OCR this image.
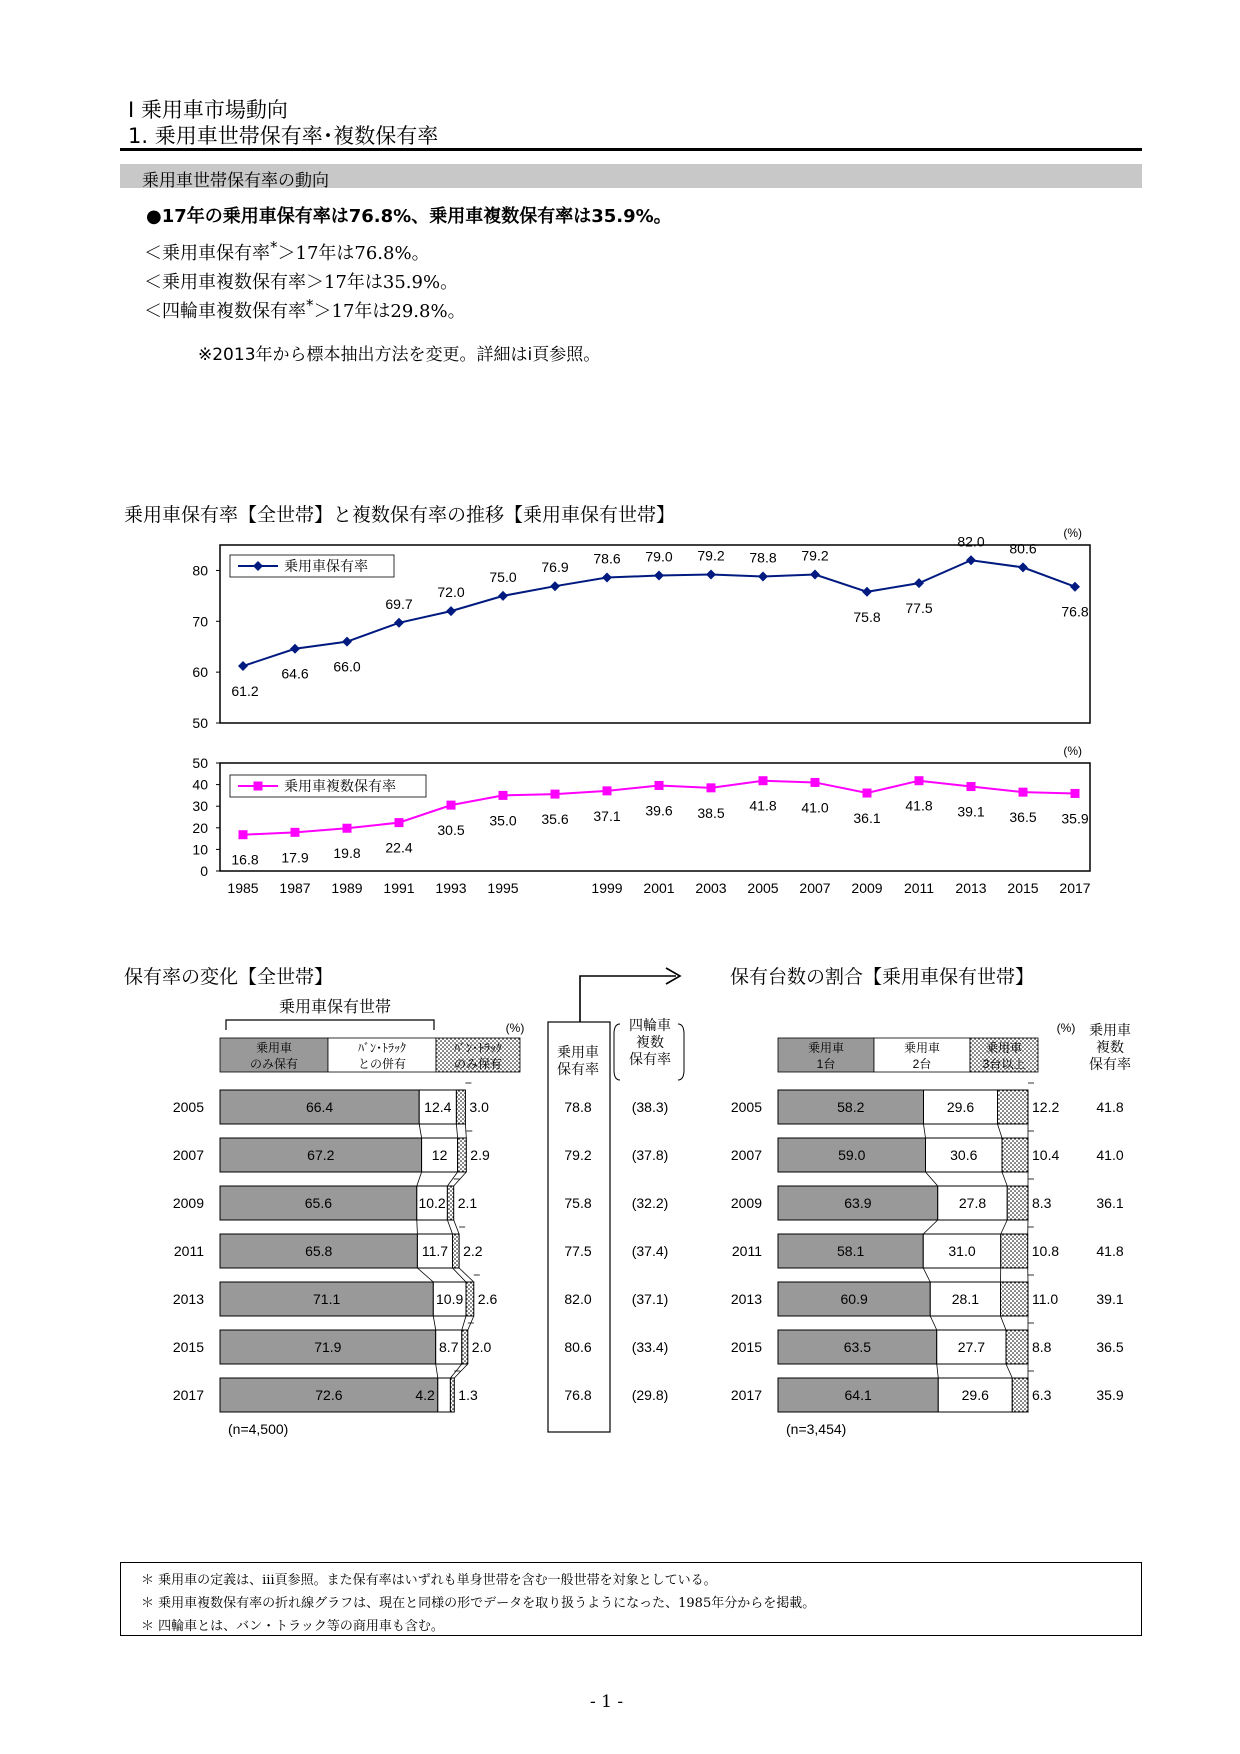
Ⅰ 乗用車市場動向
1. 乗用車世帯保有率･複数保有率
乗用車世帯保有率の動向
●17年の乗用車保有率は76.8%、乗用車複数保有率は35.9%。
＜乗用車保有率*＞17年は76.8%。
＜乗用車複数保有率＞17年は35.9%。
＜四輪車複数保有率*＞17年は29.8%。
※2013年から標本抽出方法を変更。詳細はⅰ頁参照。
乗用車保有率【全世帯】と複数保有率の推移【乗用車保有世帯】
保有率の変化【全世帯】	保有台数の割合【乗用車保有世帯】
50
60
70
80
(%)
61.2
64.6 66.0
69.7
72.0
75.0
76.9
78.6 79.0 79.2 78.8 79.2
75.8
77.5
82.0 80.6
76.8
乗用車保有率
0
10
20
30
40
50
(%)
16.8 17.9 19.8 22.4
30.5
35.0 35.6 37.1 39.6 38.5 41.8 41.0
36.1
41.8 39.1 36.5 35.9
乗用車複数保有率
1985 1987 1989 1991 1993 1995	1999 2001 2003 2005 2007 2009 2011 2013 2015 2017
乗用車
のみ保有
ﾊﾞﾝ･ﾄﾗｯｸ
との併有
ﾊﾞﾝ･ﾄﾗｯｸ
のみ保有
(%)
2005	66.4	12.4 3.0	78.8	(38.3)
2007	67.2	12 2.9	79.2	(37.8)
2009	65.6	10.2 2.1	75.8	(32.2)
2011	65.8	11.7 2.2	77.5	(37.4)
2013	71.1	10.9 2.6	82.0	(37.1)
2015	71.9	8.7 2.0	80.6	(33.4)
2017	72.6	4.2 1.3	76.8	(29.8)
乗用車
保有率
四輪車
複数
保有率
(n=4,500)
乗用車保有世帯
乗用車
1台
乗用車
2台
乗用車
3台以上
(%)
2005	58.2	29.6	12.2	41.8
2007	59.0	30.6	10.4	41.0
2009	63.9	27.8	8.3	36.1
2011	58.1	31.0	10.8	41.8
2013	60.9	28.1	11.0	39.1
2015	63.5	27.7	8.8	36.5
2017	64.1	29.6	6.3	35.9
乗用車
複数
保有率
(n=3,454)
＊ 乗用車の定義は、ⅲ頁参照。また保有率はいずれも単身世帯を含む一般世帯を対象としている。
＊ 乗用車複数保有率の折れ線グラフは、現在と同様の形でデータを取り扱うようになった、1985年分からを掲載。
＊ 四輪車とは、バン・トラック等の商用車も含む。
- 1 -
